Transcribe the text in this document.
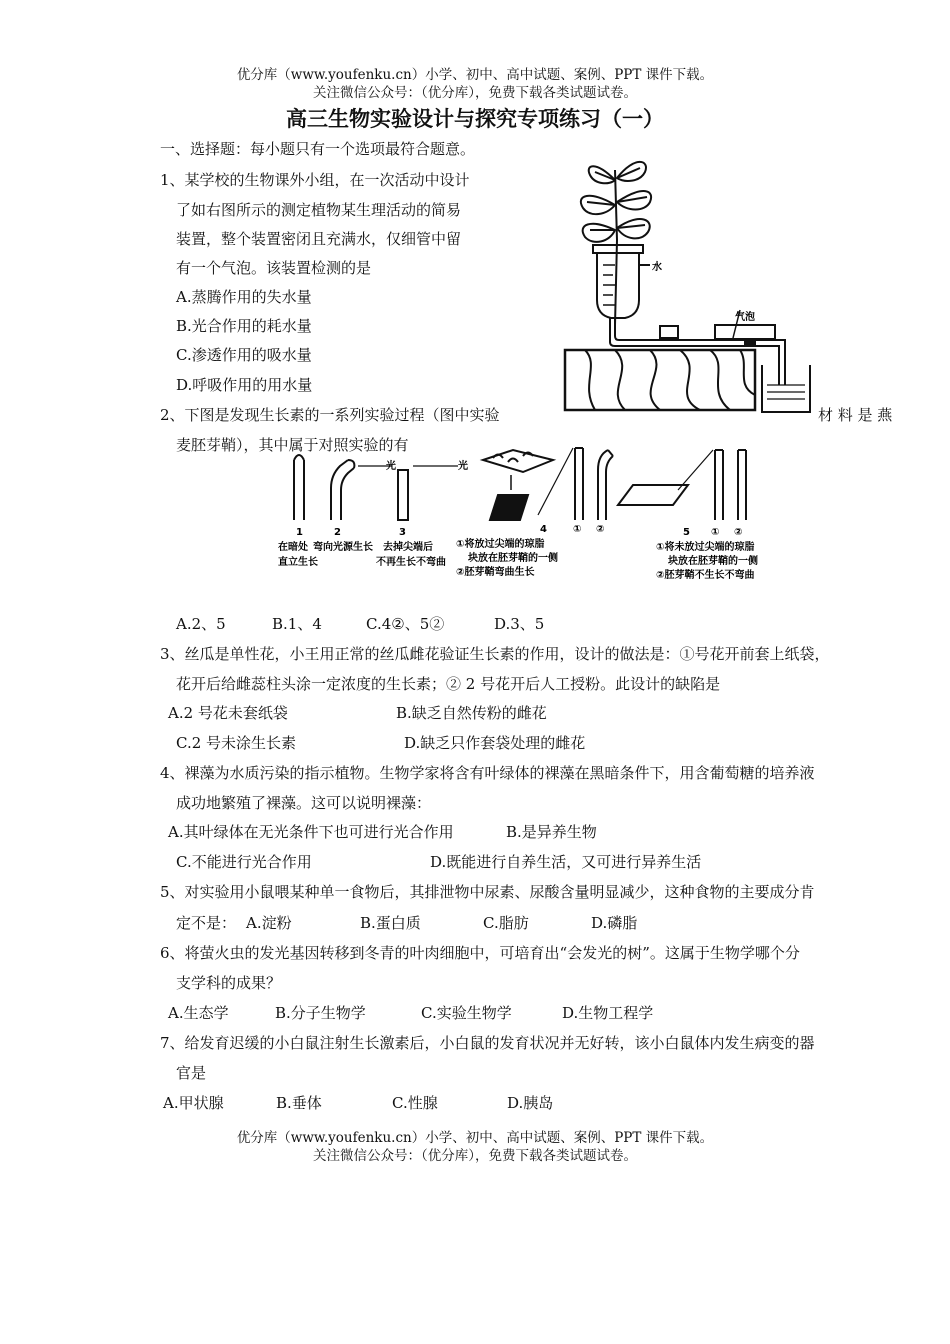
优分库（www.youfenku.cn）小学、初中、高中试题、案例、PPT 课件下载。
关注微信公众号：（优分库），免费下载各类试题试卷。
高三生物实验设计与探究专项练习（一）
一、选择题：每小题只有一个选项最符合题意。
1、某学校的生物课外小组，在一次活动中设计
了如右图所示的测定植物某生理活动的简易
装置，整个装置密闭且充满水，仅细管中留
有一个气泡。该装置检测的是
A.蒸腾作用的失水量
B.光合作用的耗水量
C.渗透作用的吸水量
D.呼吸作用的用水量
水
气泡
2、下图是发现生长素的一系列实验过程（图中实验	材 料 是 燕
麦胚芽鞘），其中属于对照实验的有
1	2
光
3
光
4	① ②	5 ① ②
在暗处
直立生长
弯向光源生长 去掉尖端后
不再生长不弯曲
①将放过尖端的琼脂
块放在胚芽鞘的一侧
②胚芽鞘弯曲生长
①将未放过尖端的琼脂
块放在胚芽鞘的一侧
②胚芽鞘不生长不弯曲
A.2、5	B.1、4	C.4②、5②	D.3、5
3、丝瓜是单性花，小王用正常的丝瓜雌花验证生长素的作用，设计的做法是：①号花开前套上纸袋，
花开后给雌蕊柱头涂一定浓度的生长素；② 2 号花开后人工授粉。此设计的缺陷是
A.2 号花未套纸袋	B.缺乏自然传粉的雌花
C.2 号未涂生长素	D.缺乏只作套袋处理的雌花
4、裸藻为水质污染的指示植物。生物学家将含有叶绿体的裸藻在黑暗条件下，用含葡萄糖的培养液
成功地繁殖了裸藻。这可以说明裸藻：
A.其叶绿体在无光条件下也可进行光合作用	B.是异养生物
C.不能进行光合作用	D.既能进行自养生活，又可进行异养生活
5、对实验用小鼠喂某种单一食物后，其排泄物中尿素、尿酸含量明显减少，这种食物的主要成分肯
定不是： A.淀粉	B.蛋白质	C.脂肪	D.磷脂
6、将萤火虫的发光基因转移到冬青的叶肉细胞中，可培育出“会发光的树”。这属于生物学哪个分
支学科的成果？
A.生态学	B.分子生物学	C.实验生物学	D.生物工程学
7、给发育迟缓的小白鼠注射生长激素后，小白鼠的发育状况并无好转，该小白鼠体内发生病变的器
官是
A.甲状腺	B.垂体	C.性腺	D.胰岛
优分库（www.youfenku.cn）小学、初中、高中试题、案例、PPT 课件下载。
关注微信公众号：（优分库），免费下载各类试题试卷。
